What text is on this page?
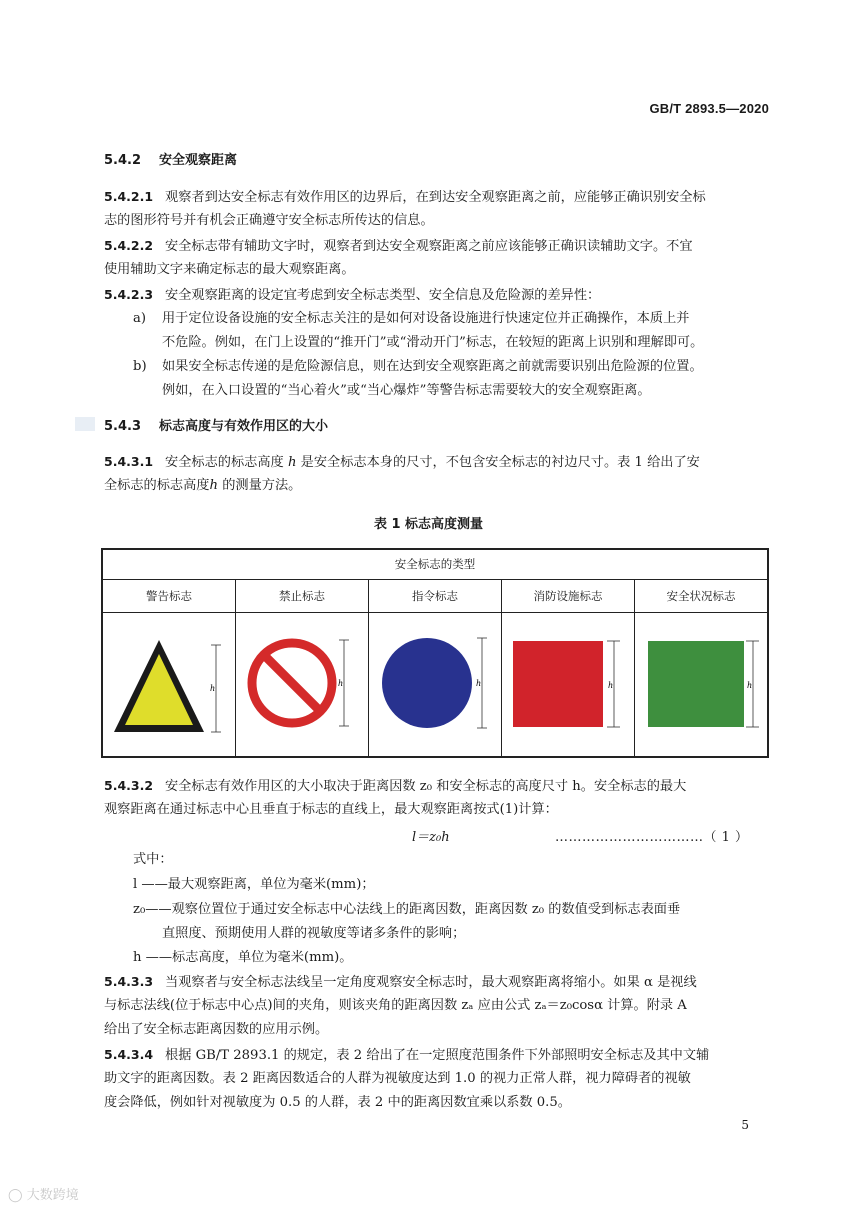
GB/T 2893.5—2020
5.4.2 安全观察距离
5.4.2.1 观察者到达安全标志有效作用区的边界后，在到达安全观察距离之前，应能够正确识别安全标
志的图形符号并有机会正确遵守安全标志所传达的信息。
5.4.2.2 安全标志带有辅助文字时，观察者到达安全观察距离之前应该能够正确识读辅助文字。不宜
使用辅助文字来确定标志的最大观察距离。
5.4.2.3 安全观察距离的设定宜考虑到安全标志类型、安全信息及危险源的差异性：
a) 用于定位设备设施的安全标志关注的是如何对设备设施进行快速定位并正确操作，本质上并
不危险。例如，在门上设置的“推开门”或“滑动开门”标志，在较短的距离上识别和理解即可。
b) 如果安全标志传递的是危险源信息，则在达到安全观察距离之前就需要识别出危险源的位置。
例如，在入口设置的“当心着火”或“当心爆炸”等警告标志需要较大的安全观察距离。
5.4.3 标志高度与有效作用区的大小
5.4.3.1 安全标志的标志高度 h 是安全标志本身的尺寸，不包含安全标志的衬边尺寸。表 1 给出了安
全标志的标志高度h 的测量方法。
表 1 标志高度测量
安全标志的类型				
警告标志	禁止标志	指令标志	消防设施标志	安全状况标志

h	h	h	h	h
5.4.3.2 安全标志有效作用区的大小取决于距离因数 z₀ 和安全标志的高度尺寸 h。安全标志的最大
观察距离在通过标志中心且垂直于标志的直线上，最大观察距离按式(1)计算：
l＝z₀h	……………………………（ 1 ）
式中：
l ——最大观察距离，单位为毫米(mm)；
z₀——观察位置位于通过安全标志中心法线上的距离因数，距离因数 z₀ 的数值受到标志表面垂
直照度、预期使用人群的视敏度等诸多条件的影响；
h ——标志高度，单位为毫米(mm)。
5.4.3.3 当观察者与安全标志法线呈一定角度观察安全标志时，最大观察距离将缩小。如果 α 是视线
与标志法线(位于标志中心点)间的夹角，则该夹角的距离因数 zₐ 应由公式 zₐ＝z₀cosα 计算。附录 A
给出了安全标志距离因数的应用示例。
5.4.3.4 根据 GB/T 2893.1 的规定，表 2 给出了在一定照度范围条件下外部照明安全标志及其中文辅
助文字的距离因数。表 2 距离因数适合的人群为视敏度达到 1.0 的视力正常人群，视力障碍者的视敏
度会降低，例如针对视敏度为 0.5 的人群，表 2 中的距离因数宜乘以系数 0.5。
5
◯ 大数跨境
